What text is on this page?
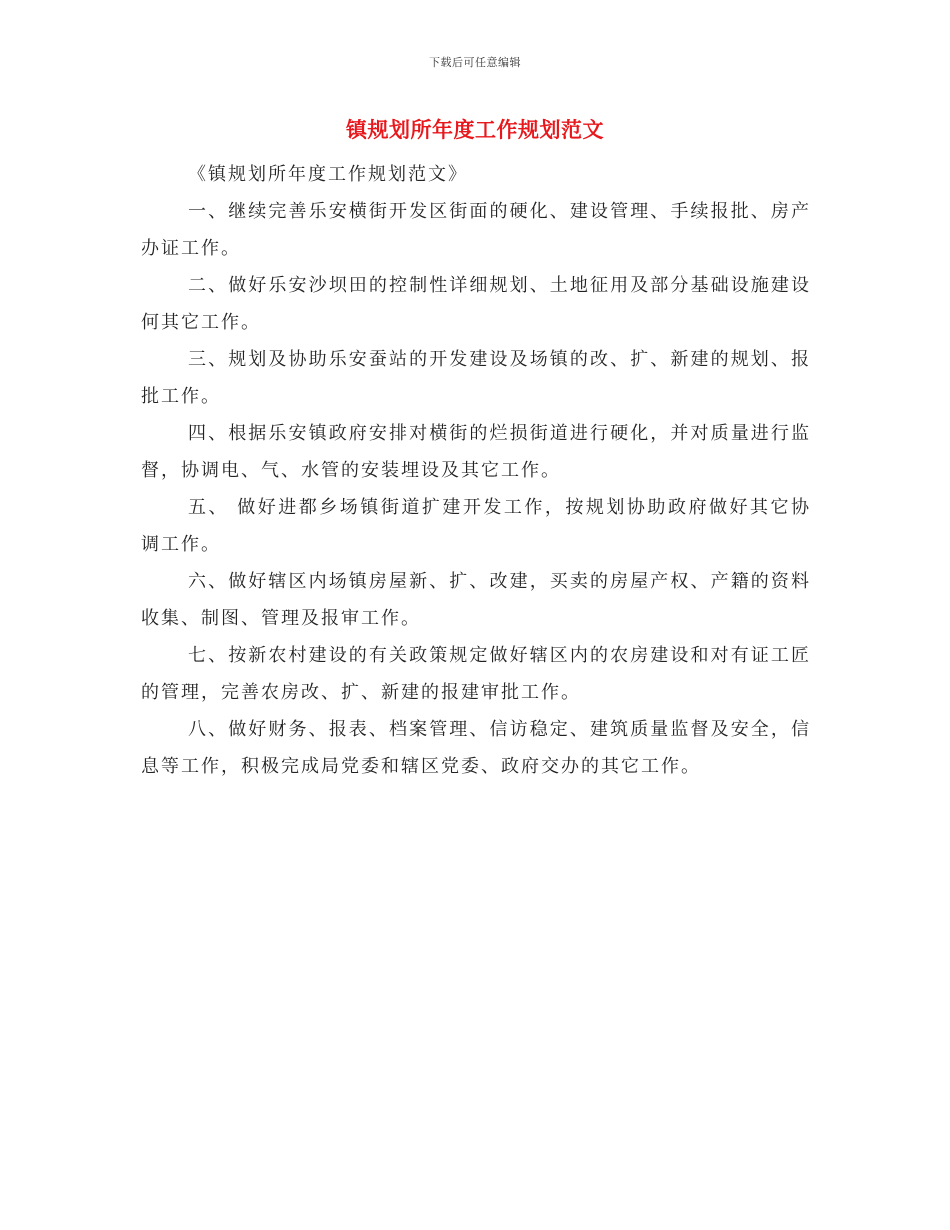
下载后可任意编辑
镇规划所年度工作规划范文

《镇规划所年度工作规划范文》

一、继续完善乐安横街开发区街面的硬化、建设管理、手续报批、房产办证工作。

二、做好乐安沙坝田的控制性详细规划、土地征用及部分基础设施建设何其它工作。

三、规划及协助乐安蚕站的开发建设及场镇的改、扩、新建的规划、报批工作。

四、根据乐安镇政府安排对横街的烂损街道进行硬化，并对质量进行监督，协调电、气、水管的安装埋设及其它工作。

五、 做好进都乡场镇街道扩建开发工作，按规划协助政府做好其它协调工作。

六、做好辖区内场镇房屋新、扩、改建，买卖的房屋产权、产籍的资料收集、制图、管理及报审工作。

七、按新农村建设的有关政策规定做好辖区内的农房建设和对有证工匠的管理，完善农房改、扩、新建的报建审批工作。

八、做好财务、报表、档案管理、信访稳定、建筑质量监督及安全，信息等工作，积极完成局党委和辖区党委、政府交办的其它工作。
